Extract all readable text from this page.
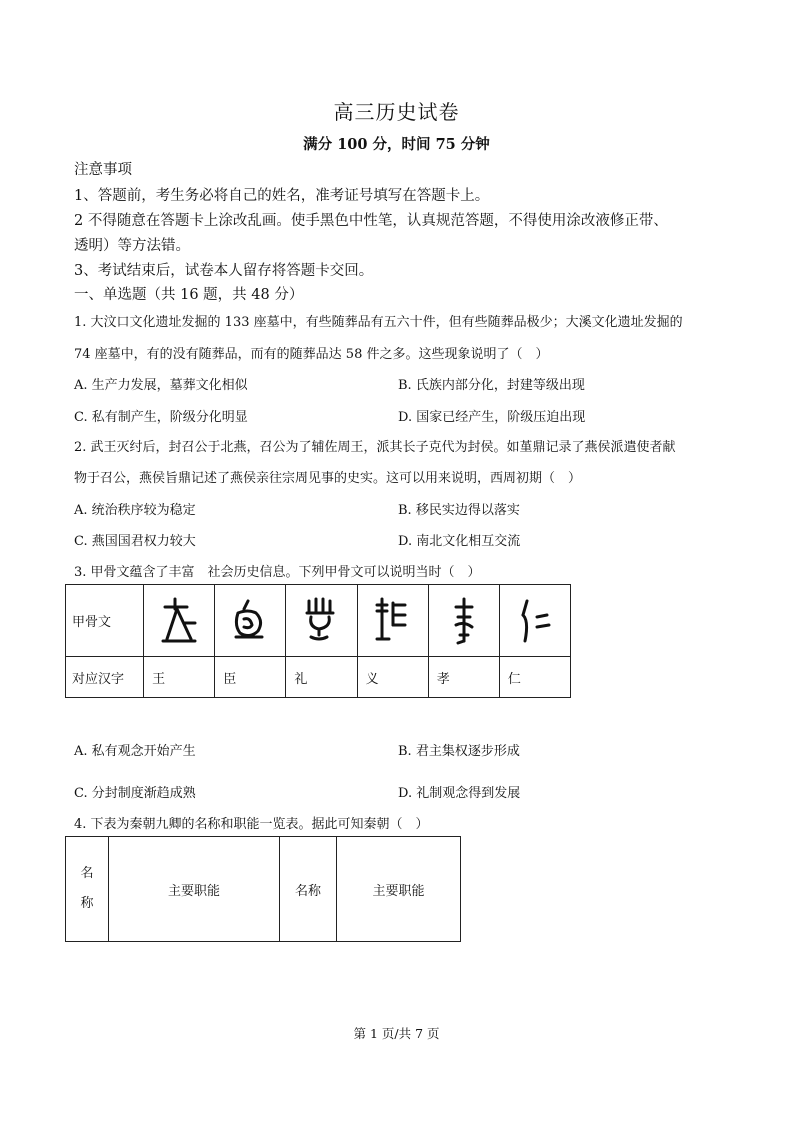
高三历史试卷
满分 100 分，时间 75 分钟
注意事项
1、答题前，考生务必将自己的姓名，准考证号填写在答题卡上。
2 不得随意在答题卡上涂改乱画。使手黑色中性笔，认真规范答题，不得使用涂改液修正带、
透明）等方法错。
3、考试结束后，试卷本人留存将答题卡交回。
一、单选题（共 16 题，共 48 分）
1. 大汶口文化遗址发掘的 133 座墓中，有些随葬品有五六十件，但有些随葬品极少；大溪文化遗址发掘的
74 座墓中，有的没有随葬品，而有的随葬品达 58 件之多。这些现象说明了（　）
A. 生产力发展，墓葬文化相似	B. 氏族内部分化，封建等级出现
C. 私有制产生，阶级分化明显	D. 国家已经产生，阶级压迫出现
2. 武王灭纣后，封召公于北燕，召公为了辅佐周王，派其长子克代为封侯。如堇鼎记录了燕侯派遣使者献
物于召公，燕侯旨鼎记述了燕侯亲往宗周见事的史实。这可以用来说明，西周初期（　）
A. 统治秩序较为稳定	B. 移民实边得以落实
C. 燕国国君权力较大	D. 南北文化相互交流
3. 甲骨文蕴含了丰富　社会历史信息。下列甲骨文可以说明当时（　）
甲骨文	

对应汉字	王	臣	礼	义	孝	仁
A. 私有观念开始产生	B. 君主集权逐步形成
C. 分封制度渐趋成熟	D. 礼制观念得到发展
4. 下表为秦朝九卿的名称和职能一览表。据此可知秦朝（　）
名
称	主要职能	名称	主要职能
第 1 页/共 7 页
